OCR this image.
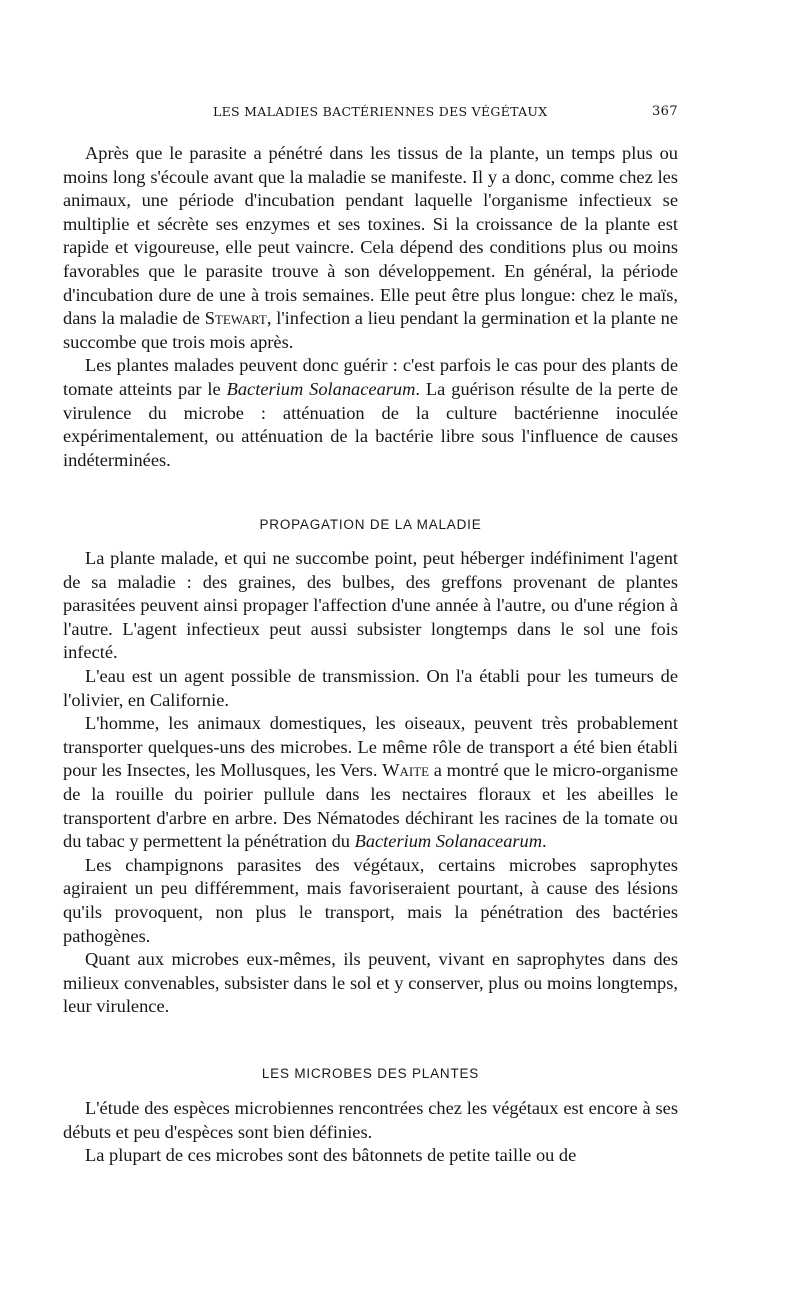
LES MALADIES BACTÉRIENNES DES VÉGÉTAUX	367

Après que le parasite a pénétré dans les tissus de la plante, un temps plus ou moins long s'écoule avant que la maladie se manifeste. Il y a donc, comme chez les animaux, une période d'incubation pendant laquelle l'organisme infectieux se multiplie et sécrète ses enzymes et ses toxines. Si la croissance de la plante est rapide et vigoureuse, elle peut vaincre. Cela dépend des conditions plus ou moins favorables que le parasite trouve à son développement. En général, la période d'incubation dure de une à trois semaines. Elle peut être plus longue: chez le maïs, dans la maladie de Stewart, l'infection a lieu pendant la germination et la plante ne succombe que trois mois après.

Les plantes malades peuvent donc guérir : c'est parfois le cas pour des plants de tomate atteints par le Bacterium Solanacearum. La guérison résulte de la perte de virulence du microbe : atténuation de la culture bactérienne inoculée expérimentalement, ou atténuation de la bactérie libre sous l'influence de causes indéterminées.

PROPAGATION DE LA MALADIE

La plante malade, et qui ne succombe point, peut héberger indéfiniment l'agent de sa maladie : des graines, des bulbes, des greffons provenant de plantes parasitées peuvent ainsi propager l'affection d'une année à l'autre, ou d'une région à l'autre. L'agent infectieux peut aussi subsister longtemps dans le sol une fois infecté.

L'eau est un agent possible de transmission. On l'a établi pour les tumeurs de l'olivier, en Californie.

L'homme, les animaux domestiques, les oiseaux, peuvent très probablement transporter quelques-uns des microbes. Le même rôle de transport a été bien établi pour les Insectes, les Mollusques, les Vers. Waite a montré que le micro-organisme de la rouille du poirier pullule dans les nectaires floraux et les abeilles le transportent d'arbre en arbre. Des Nématodes déchirant les racines de la tomate ou du tabac y permettent la pénétration du Bacterium Solanacearum.

Les champignons parasites des végétaux, certains microbes saprophytes agiraient un peu différemment, mais favoriseraient pourtant, à cause des lésions qu'ils provoquent, non plus le transport, mais la pénétration des bactéries pathogènes.

Quant aux microbes eux-mêmes, ils peuvent, vivant en saprophytes dans des milieux convenables, subsister dans le sol et y conserver, plus ou moins longtemps, leur virulence.

LES MICROBES DES PLANTES

L'étude des espèces microbiennes rencontrées chez les végétaux est encore à ses débuts et peu d'espèces sont bien définies.

La plupart de ces microbes sont des bâtonnets de petite taille ou de
